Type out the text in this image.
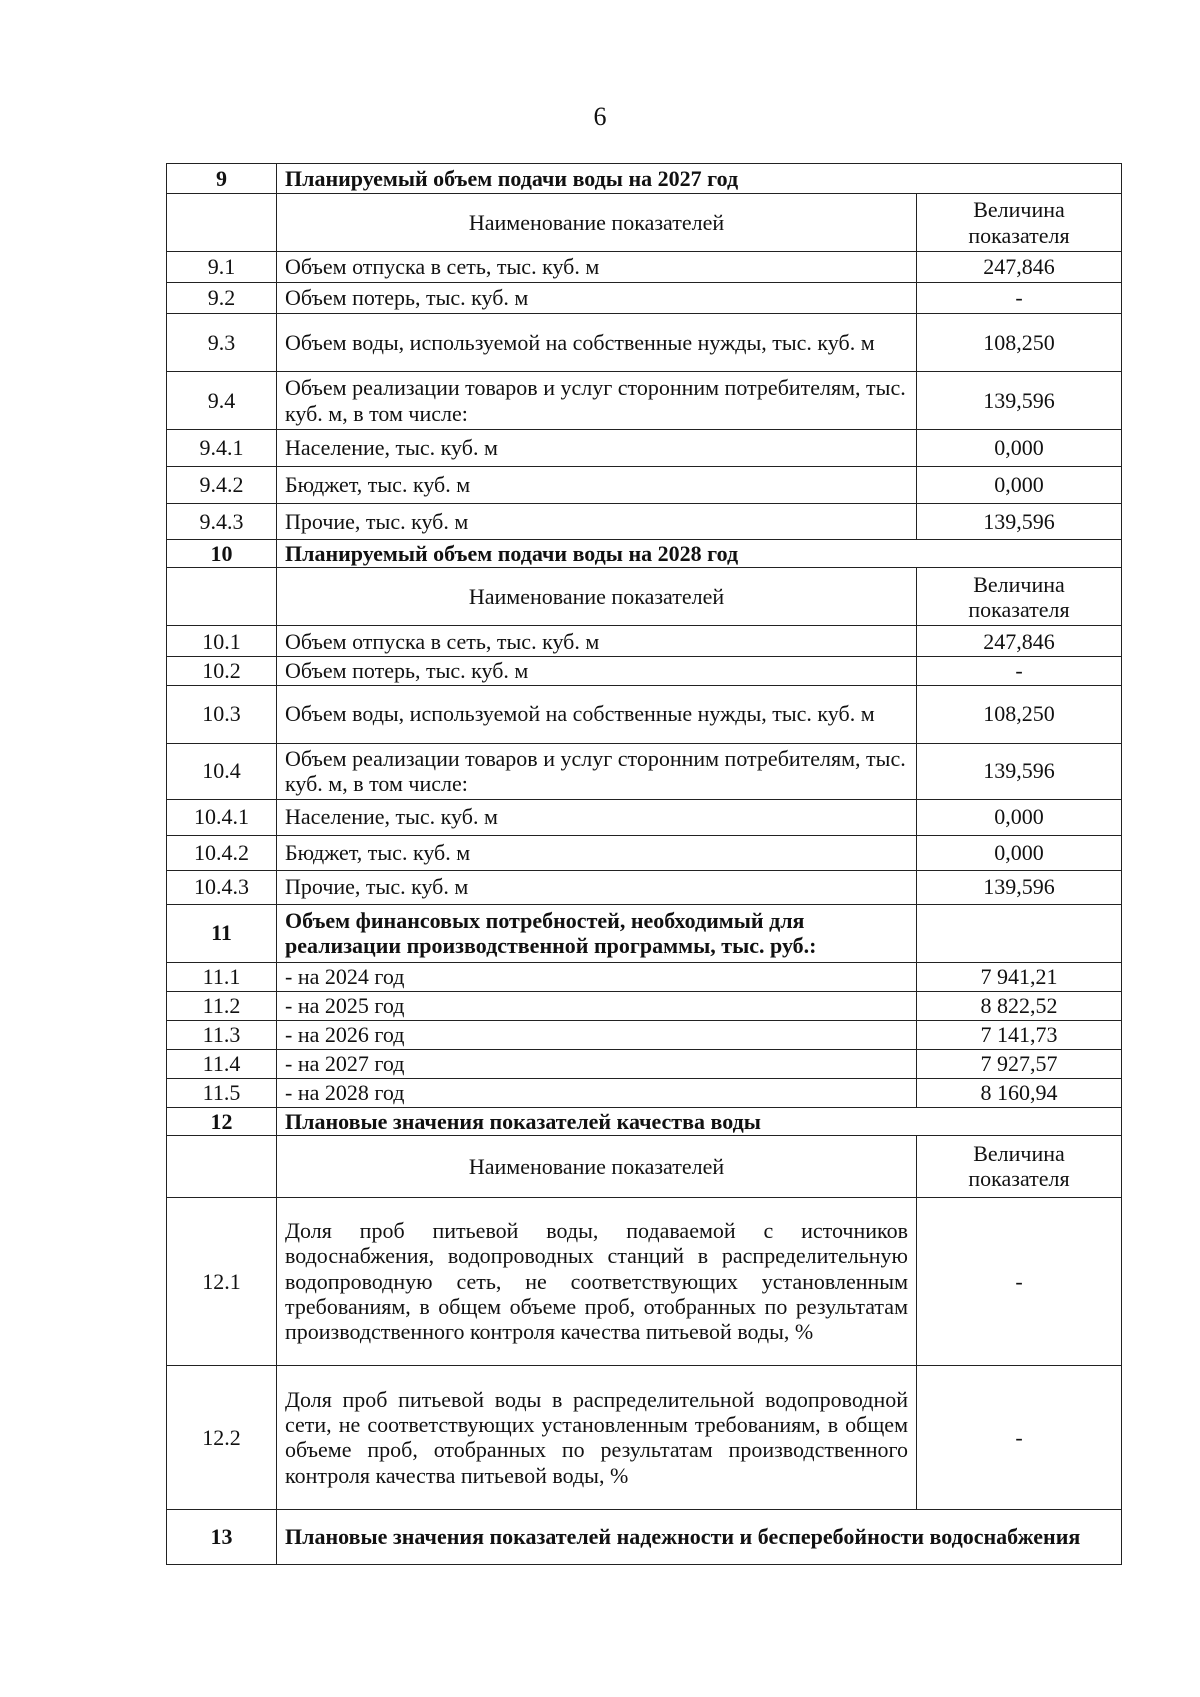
6
9	Планируемый объем подачи воды на 2027 год	
	Наименование показателей	Величина показателя
9.1	Объем отпуска в сеть, тыс. куб. м	247,846
9.2	Объем потерь, тыс. куб. м	-
9.3	Объем воды, используемой на собственные нужды, тыс. куб. м	108,250
9.4	Объем реализации товаров и услуг сторонним потребителям, тыс. куб. м, в том числе:	139,596
9.4.1	Население, тыс. куб. м	0,000
9.4.2	Бюджет, тыс. куб. м	0,000
9.4.3	Прочие, тыс. куб. м	139,596
10	Планируемый объем подачи воды на 2028 год	
	Наименование показателей	Величина показателя
10.1	Объем отпуска в сеть, тыс. куб. м	247,846
10.2	Объем потерь, тыс. куб. м	-
10.3	Объем воды, используемой на собственные нужды, тыс. куб. м	108,250
10.4	Объем реализации товаров и услуг сторонним потребителям, тыс. куб. м, в том числе:	139,596
10.4.1	Население, тыс. куб. м	0,000
10.4.2	Бюджет, тыс. куб. м	0,000
10.4.3	Прочие, тыс. куб. м	139,596
11	Объем финансовых потребностей, необходимый для реализации производственной программы, тыс. руб.:	
11.1	- на 2024 год	7 941,21
11.2	- на 2025 год	8 822,52
11.3	- на 2026 год	7 141,73
11.4	- на 2027 год	7 927,57
11.5	- на 2028 год	8 160,94
12	Плановые значения показателей качества воды	
	Наименование показателей	Величина показателя
12.1	Доля проб питьевой воды, подаваемой с источников водоснабжения, водопроводных станций в распределительную водопроводную сеть, не соответствующих установленным требованиям, в общем объеме проб, отобранных по результатам производственного контроля качества питьевой воды, %	-
12.2	Доля проб питьевой воды в распределительной водопроводной сети, не соответствующих установленным требованиям, в общем объеме проб, отобранных по результатам производственного контроля качества питьевой воды, %	-
13	Плановые значения показателей надежности и бесперебойности водоснабжения	
